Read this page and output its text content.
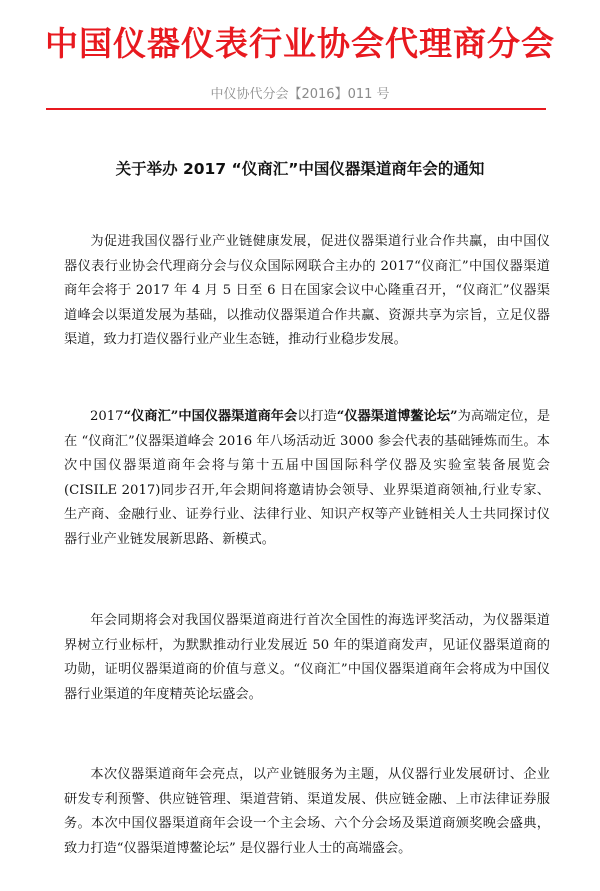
中国仪器仪表行业协会代理商分会
中仪协代分会【2016】011 号
关于举办 2017 “仪商汇”中国仪器渠道商年会的通知
为促进我国仪器行业产业链健康发展，促进仪器渠道行业合作共赢，由中国仪器仪表行业协会代理商分会与仪众国际网联合主办的 2017“仪商汇”中国仪器渠道商年会将于 2017 年 4 月 5 日至 6 日在国家会议中心隆重召开，“仪商汇”仪器渠道峰会以渠道发展为基础，以推动仪器渠道合作共赢、资源共享为宗旨，立足仪器渠道，致力打造仪器行业产业生态链，推动行业稳步发展。
2017“仪商汇”中国仪器渠道商年会以打造“仪器渠道博鳌论坛”为高端定位，是在 “仪商汇”仪器渠道峰会 2016 年八场活动近 3000 参会代表的基础锤炼而生。本次中国仪器渠道商年会将与第十五届中国国际科学仪器及实验室装备展览会(CISILE 2017)同步召开,年会期间将邀请协会领导、业界渠道商领袖,行业专家、生产商、金融行业、证券行业、法律行业、知识产权等产业链相关人士共同探讨仪器行业产业链发展新思路、新模式。
年会同期将会对我国仪器渠道商进行首次全国性的海选评奖活动，为仪器渠道界树立行业标杆，为默默推动行业发展近 50 年的渠道商发声，见证仪器渠道商的功勋，证明仪器渠道商的价值与意义。“仪商汇”中国仪器渠道商年会将成为中国仪器行业渠道的年度精英论坛盛会。
本次仪器渠道商年会亮点，以产业链服务为主题，从仪器行业发展研讨、企业研发专利预警、供应链管理、渠道营销、渠道发展、供应链金融、上市法律证券服务。本次中国仪器渠道商年会设一个主会场、六个分会场及渠道商颁奖晚会盛典，致力打造“仪器渠道博鳌论坛” 是仪器行业人士的高端盛会。
